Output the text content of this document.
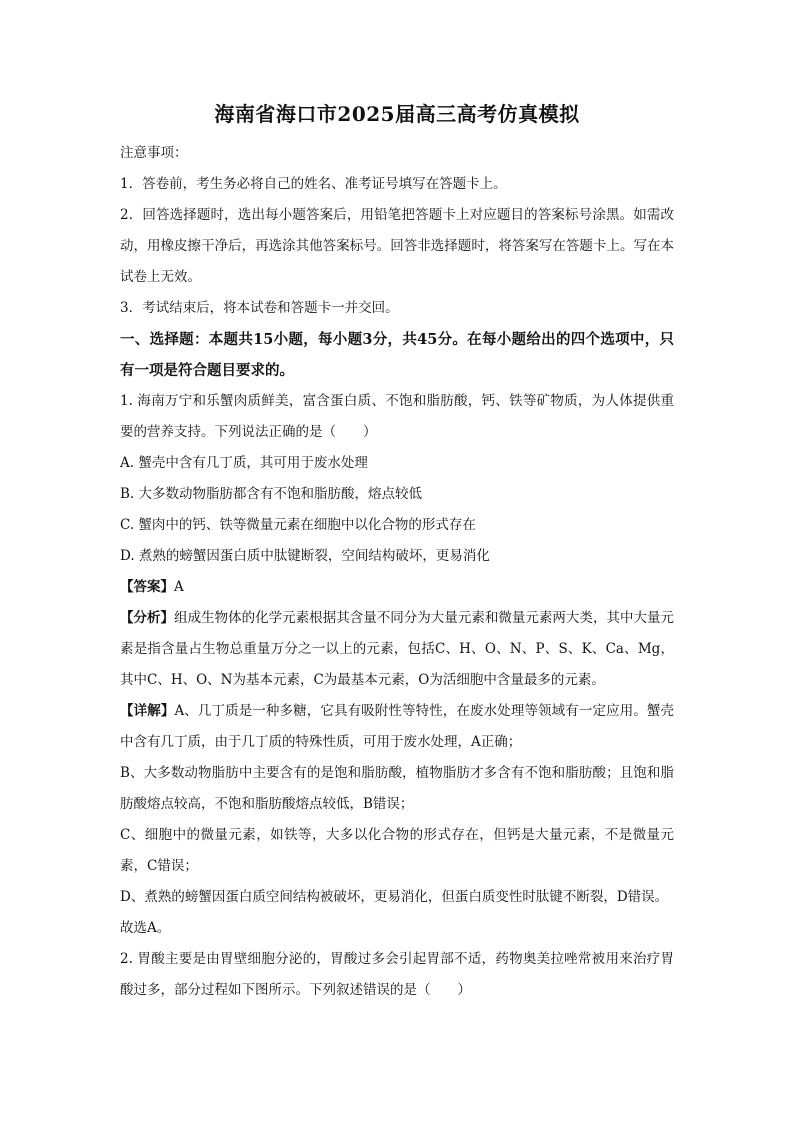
海南省海口市2025届高三高考仿真模拟

注意事项：

1．答卷前，考生务必将自己的姓名、准考证号填写在答题卡上。

2．回答选择题时，选出每小题答案后，用铅笔把答题卡上对应题目的答案标号涂黑。如需改动，用橡皮擦干净后，再选涂其他答案标号。回答非选择题时，将答案写在答题卡上。写在本试卷上无效。

3．考试结束后，将本试卷和答题卡一并交回。

一、选择题：本题共15小题，每小题3分，共45分。在每小题给出的四个选项中，只有一项是符合题目要求的。

1. 海南万宁和乐蟹肉质鲜美，富含蛋白质、不饱和脂肪酸，钙、铁等矿物质，为人体提供重要的营养支持。下列说法正确的是（　　）

A. 蟹壳中含有几丁质，其可用于废水处理

B. 大多数动物脂肪都含有不饱和脂肪酸，熔点较低

C. 蟹肉中的钙、铁等微量元素在细胞中以化合物的形式存在

D. 煮熟的螃蟹因蛋白质中肽键断裂，空间结构破坏，更易消化

【答案】A

【分析】组成生物体的化学元素根据其含量不同分为大量元素和微量元素两大类，其中大量元素是指含量占生物总重量万分之一以上的元素，包括C、H、O、N、P、S、K、Ca、Mg，其中C、H、O、N为基本元素，C为最基本元素，O为活细胞中含量最多的元素。

【详解】A、几丁质是一种多糖，它具有吸附性等特性，在废水处理等领域有一定应用。蟹壳中含有几丁质，由于几丁质的特殊性质，可用于废水处理，A正确；

B、大多数动物脂肪中主要含有的是饱和脂肪酸，植物脂肪才多含有不饱和脂肪酸；且饱和脂肪酸熔点较高，不饱和脂肪酸熔点较低，B错误；

C、细胞中的微量元素，如铁等，大多以化合物的形式存在，但钙是大量元素，不是微量元素，C错误；

D、煮熟的螃蟹因蛋白质空间结构被破坏，更易消化，但蛋白质变性时肽键不断裂，D错误。

故选A。

2. 胃酸主要是由胃壁细胞分泌的，胃酸过多会引起胃部不适，药物奥美拉唑常被用来治疗胃酸过多，部分过程如下图所示。下列叙述错误的是（　　）
